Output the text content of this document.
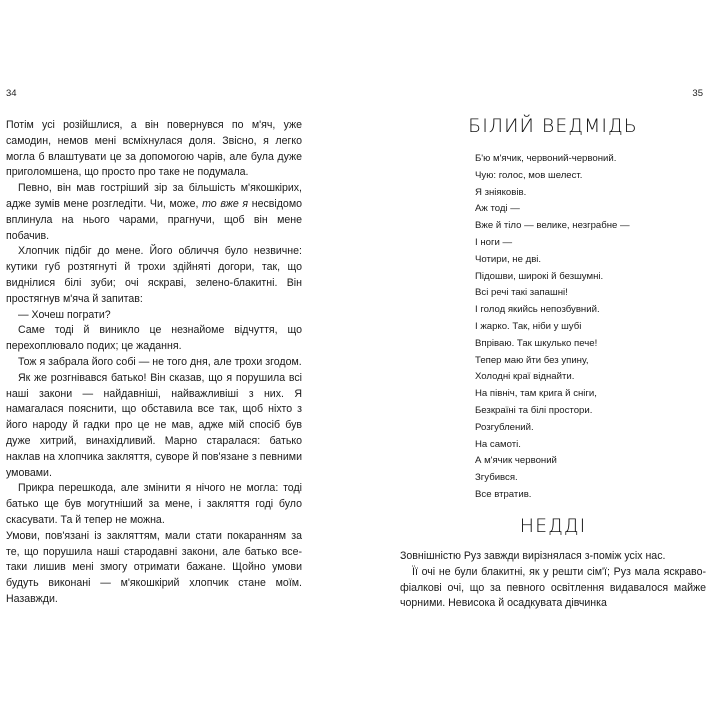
34	35

Потім усі розійшлися, а він повернувся по м'яч, уже самодин, немов мені всміхнулася доля. Звісно, я легко могла б влаштувати це за допомогою чарів, але була дуже приголомшена, що просто про таке не подумала.

Певно, він мав гостріший зір за більшість м'якошкірих, адже зумів мене розгледіти. Чи, може, то вже я несвідомо вплинула на нього чарами, прагнучи, щоб він мене побачив.

Хлопчик підбіг до мене. Його обличчя було незвичне: кутики губ розтягнуті й трохи здійняті догори, так, що виднілися білі зуби; очі яскраві, зелено-блакитні. Він простягнув м'яча й запитав:

— Хочеш пограти?

Саме тоді й виникло це незнайоме відчуття, що перехоплювало подих; це жадання.

Тож я забрала його собі — не того дня, але трохи згодом.

Як же розгнівався батько! Він сказав, що я порушила всі наші закони — найдавніші, найважливіші з них. Я намагалася пояснити, що обставила все так, щоб ніхто з його народу й гадки про це не мав, адже мій спосіб був дуже хитрий, винахідливий. Марно старалася: батько наклав на хлопчика закляття, суворе й пов'язане з певними умовами.

Прикра перешкода, але змінити я нічого не могла: тоді батько ще був могутніший за мене, і закляття годі було скасувати. Та й тепер не можна.

Умови, пов'язані із закляттям, мали стати покаранням за те, що порушила наші стародавні закони, але батько все-таки лишив мені змогу отримати бажане. Щойно умови будуть виконані — м'якошкірий хлопчик стане моїм. Назавжди.

БІЛИЙ ВЕДМІДЬ
Б'ю м'ячик, червоний-червоний.
Чую: голос, мов шелест.
Я зніяковів.
Аж тоді —
Вже й тіло — велике, незграбне —
І ноги —
Чотири, не дві.
Підошви, широкі й безшумні.
Всі речі такі запашні!
І голод якийсь непозбувний.
І жарко. Так, ніби у шубі
Впріваю. Так шкулько пече!
Тепер маю йти без упину,
Холодні краї віднайти.
На північ, там крига й сніги,
Безкраїні та білі простори.
Розгублений.
На самоті.
А м'ячик червоний
Згубився.
Все втратив.
НЕДДІ

Зовнішністю Руз завжди вирізнялася з-поміж усіх нас.

Її очі не були блакитні, як у решти сім'ї; Руз мала яскраво-фіалкові очі, що за певного освітлення видавалося майже чорними. Невисока й осадкувата дівчинка
